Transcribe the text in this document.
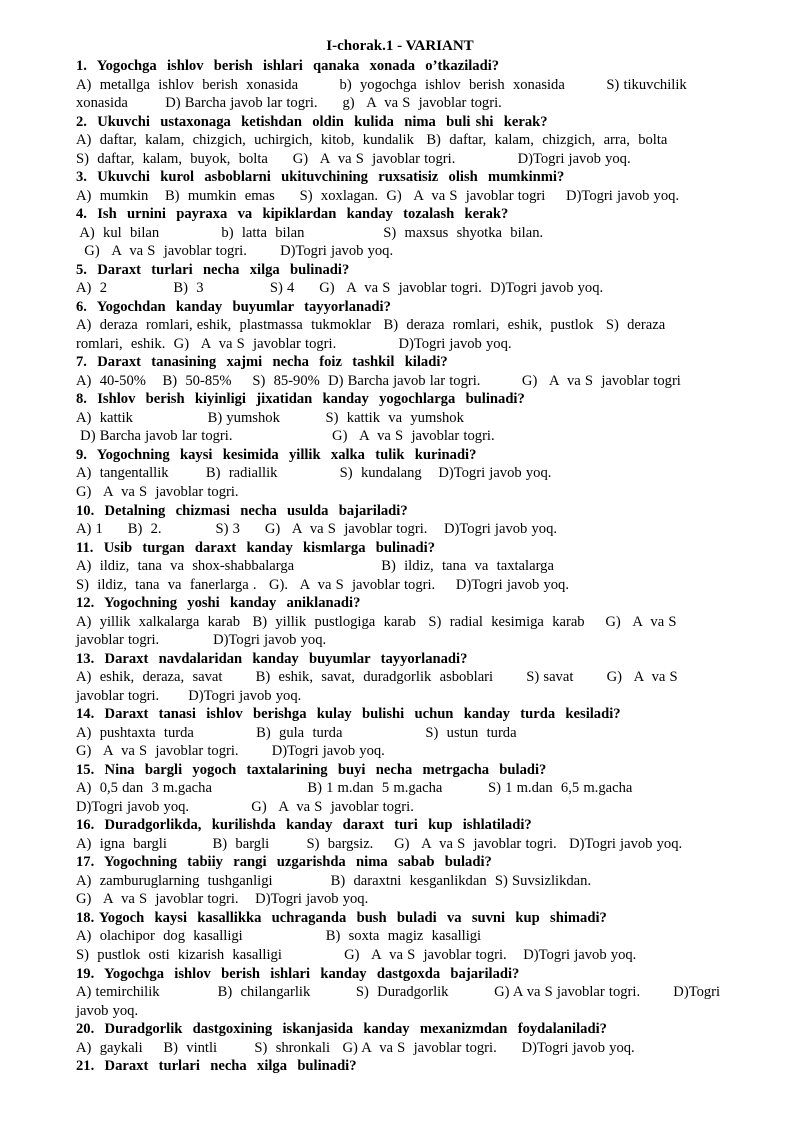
I-chorak.1 - VARIANT
1.  Yogochga  ishlov  berish  ishlari  qanaka  xonada  o’tkaziladi?
A)  metallga  ishlov  berish  xonasida          b)  yogochga  ishlov  berish  xonasida          S) tikuvchilik
xonasida         D) Barcha javob lar togri.      g)   A  va S  javoblar togri.
2.  Ukuvchi  ustaxonaga  ketishdan  oldin  kulida  nima  buli shi  kerak?
A)  daftar,  kalam,  chizgich,  uchirgich,  kitob,  kundalik   B)  daftar,  kalam,  chizgich,  arra,  bolta
S)  daftar,  kalam,  buyok,  bolta      G)   A  va S  javoblar togri.               D)Togri javob yoq.
3.  Ukuvchi  kurol  asboblarni  ukituvchining  ruxsatisiz  olish  mumkinmi?
A)  mumkin    B)  mumkin  emas      S)  xoxlagan.  G)   A  va S  javoblar togri     D)Togri javob yoq.
4.  Ish  urnini  payraxa  va  kipiklardan  kanday  tozalash  kerak?
A)  kul  bilan               b)  latta  bilan                   S)  maxsus  shyotka  bilan.
G)   A  va S  javoblar togri.        D)Togri javob yoq.
5.  Daraxt  turlari  necha  xilga  bulinadi?
A)  2                B)  3                S) 4      G)   A  va S  javoblar togri.  D)Togri javob yoq.
6.  Yogochdan  kanday  buyumlar  tayyorlanadi?
A)  deraza  romlari, eshik,  plastmassa  tukmoklar   B)  deraza  romlari,  eshik,  pustlok   S)  deraza
romlari,  eshik.  G)   A  va S  javoblar togri.               D)Togri javob yoq.
7.  Daraxt  tanasining  xajmi  necha  foiz  tashkil  kiladi?
A)  40-50%    B)  50-85%     S)  85-90%  D) Barcha javob lar togri.          G)   A  va S  javoblar togri
8.  Ishlov  berish  kiyinligi  jixatidan  kanday  yogochlarga  bulinadi?
A)  kattik                  B) yumshok           S)  kattik  va  yumshok
D) Barcha javob lar togri.                        G)   A  va S  javoblar togri.
9.  Yogochning  kaysi  kesimida  yillik  xalka  tulik  kurinadi?
A)  tangentallik         B)  radiallik               S)  kundalang    D)Togri javob yoq.
G)   A  va S  javoblar togri.
10.  Detalning  chizmasi  necha  usulda  bajariladi?
A) 1      B)  2.             S) 3      G)   A  va S  javoblar togri.    D)Togri javob yoq.
11.  Usib  turgan  daraxt  kanday  kismlarga  bulinadi?
A)  ildiz,  tana  va  shox-shabbalarga                     B)  ildiz,  tana  va  taxtalarga
S)  ildiz,  tana  va  fanerlarga .   G).   A  va S  javoblar togri.     D)Togri javob yoq.
12.  Yogochning  yoshi  kanday  aniklanadi?
A)  yillik  xalkalarga  karab   B)  yillik  pustlogiga  karab   S)  radial  kesimiga  karab     G)   A  va S
javoblar togri.             D)Togri javob yoq.
13.  Daraxt  navdalaridan  kanday  buyumlar  tayyorlanadi?
A)  eshik,  deraza,  savat        B)  eshik,  savat,  duradgorlik  asboblari        S) savat        G)   A  va S
javoblar togri.       D)Togri javob yoq.
14.  Daraxt  tanasi  ishlov  berishga  kulay  bulishi  uchun  kanday  turda  kesiladi?
A)  pushtaxta  turda               B)  gula  turda                    S)  ustun  turda
G)   A  va S  javoblar togri.        D)Togri javob yoq.
15.  Nina  bargli  yogoch  taxtalarining  buyi  necha  metrgacha  buladi?
A)  0,5 dan  3 m.gacha                       B) 1 m.dan  5 m.gacha           S) 1 m.dan  6,5 m.gacha
D)Togri javob yoq.               G)   A  va S  javoblar togri.
16.  Duradgorlikda,  kurilishda  kanday  daraxt  turi  kup  ishlatiladi?
A)  igna  bargli           B)  bargli         S)  bargsiz.     G)   A  va S  javoblar togri.   D)Togri javob yoq.
17.  Yogochning  tabiiy  rangi  uzgarishda  nima  sabab  buladi?
A)  zamburuglarning  tushganligi              B)  daraxtni  kesganlikdan  S) Suvsizlikdan.
G)   A  va S  javoblar togri.    D)Togri javob yoq.
18. Yogoch  kaysi  kasallikka  uchraganda  bush  buladi  va  suvni  kup  shimadi?
A)  olachipor  dog  kasalligi                    B)  soxta  magiz  kasalligi
S)  pustlok  osti  kizarish  kasalligi               G)   A  va S  javoblar togri.    D)Togri javob yoq.
19.  Yogochga  ishlov  berish  ishlari  kanday  dastgoxda  bajariladi?
A) temirchilik              B)  chilangarlik           S)  Duradgorlik           G) A va S javoblar togri.        D)Togri
javob yoq.
20.  Duradgorlik  dastgoxining  iskanjasida  kanday  mexanizmdan  foydalaniladi?
A)  gaykali     B)  vintli         S)  shronkali   G) A  va S  javoblar togri.      D)Togri javob yoq.
21.  Daraxt  turlari  necha  xilga  bulinadi?
